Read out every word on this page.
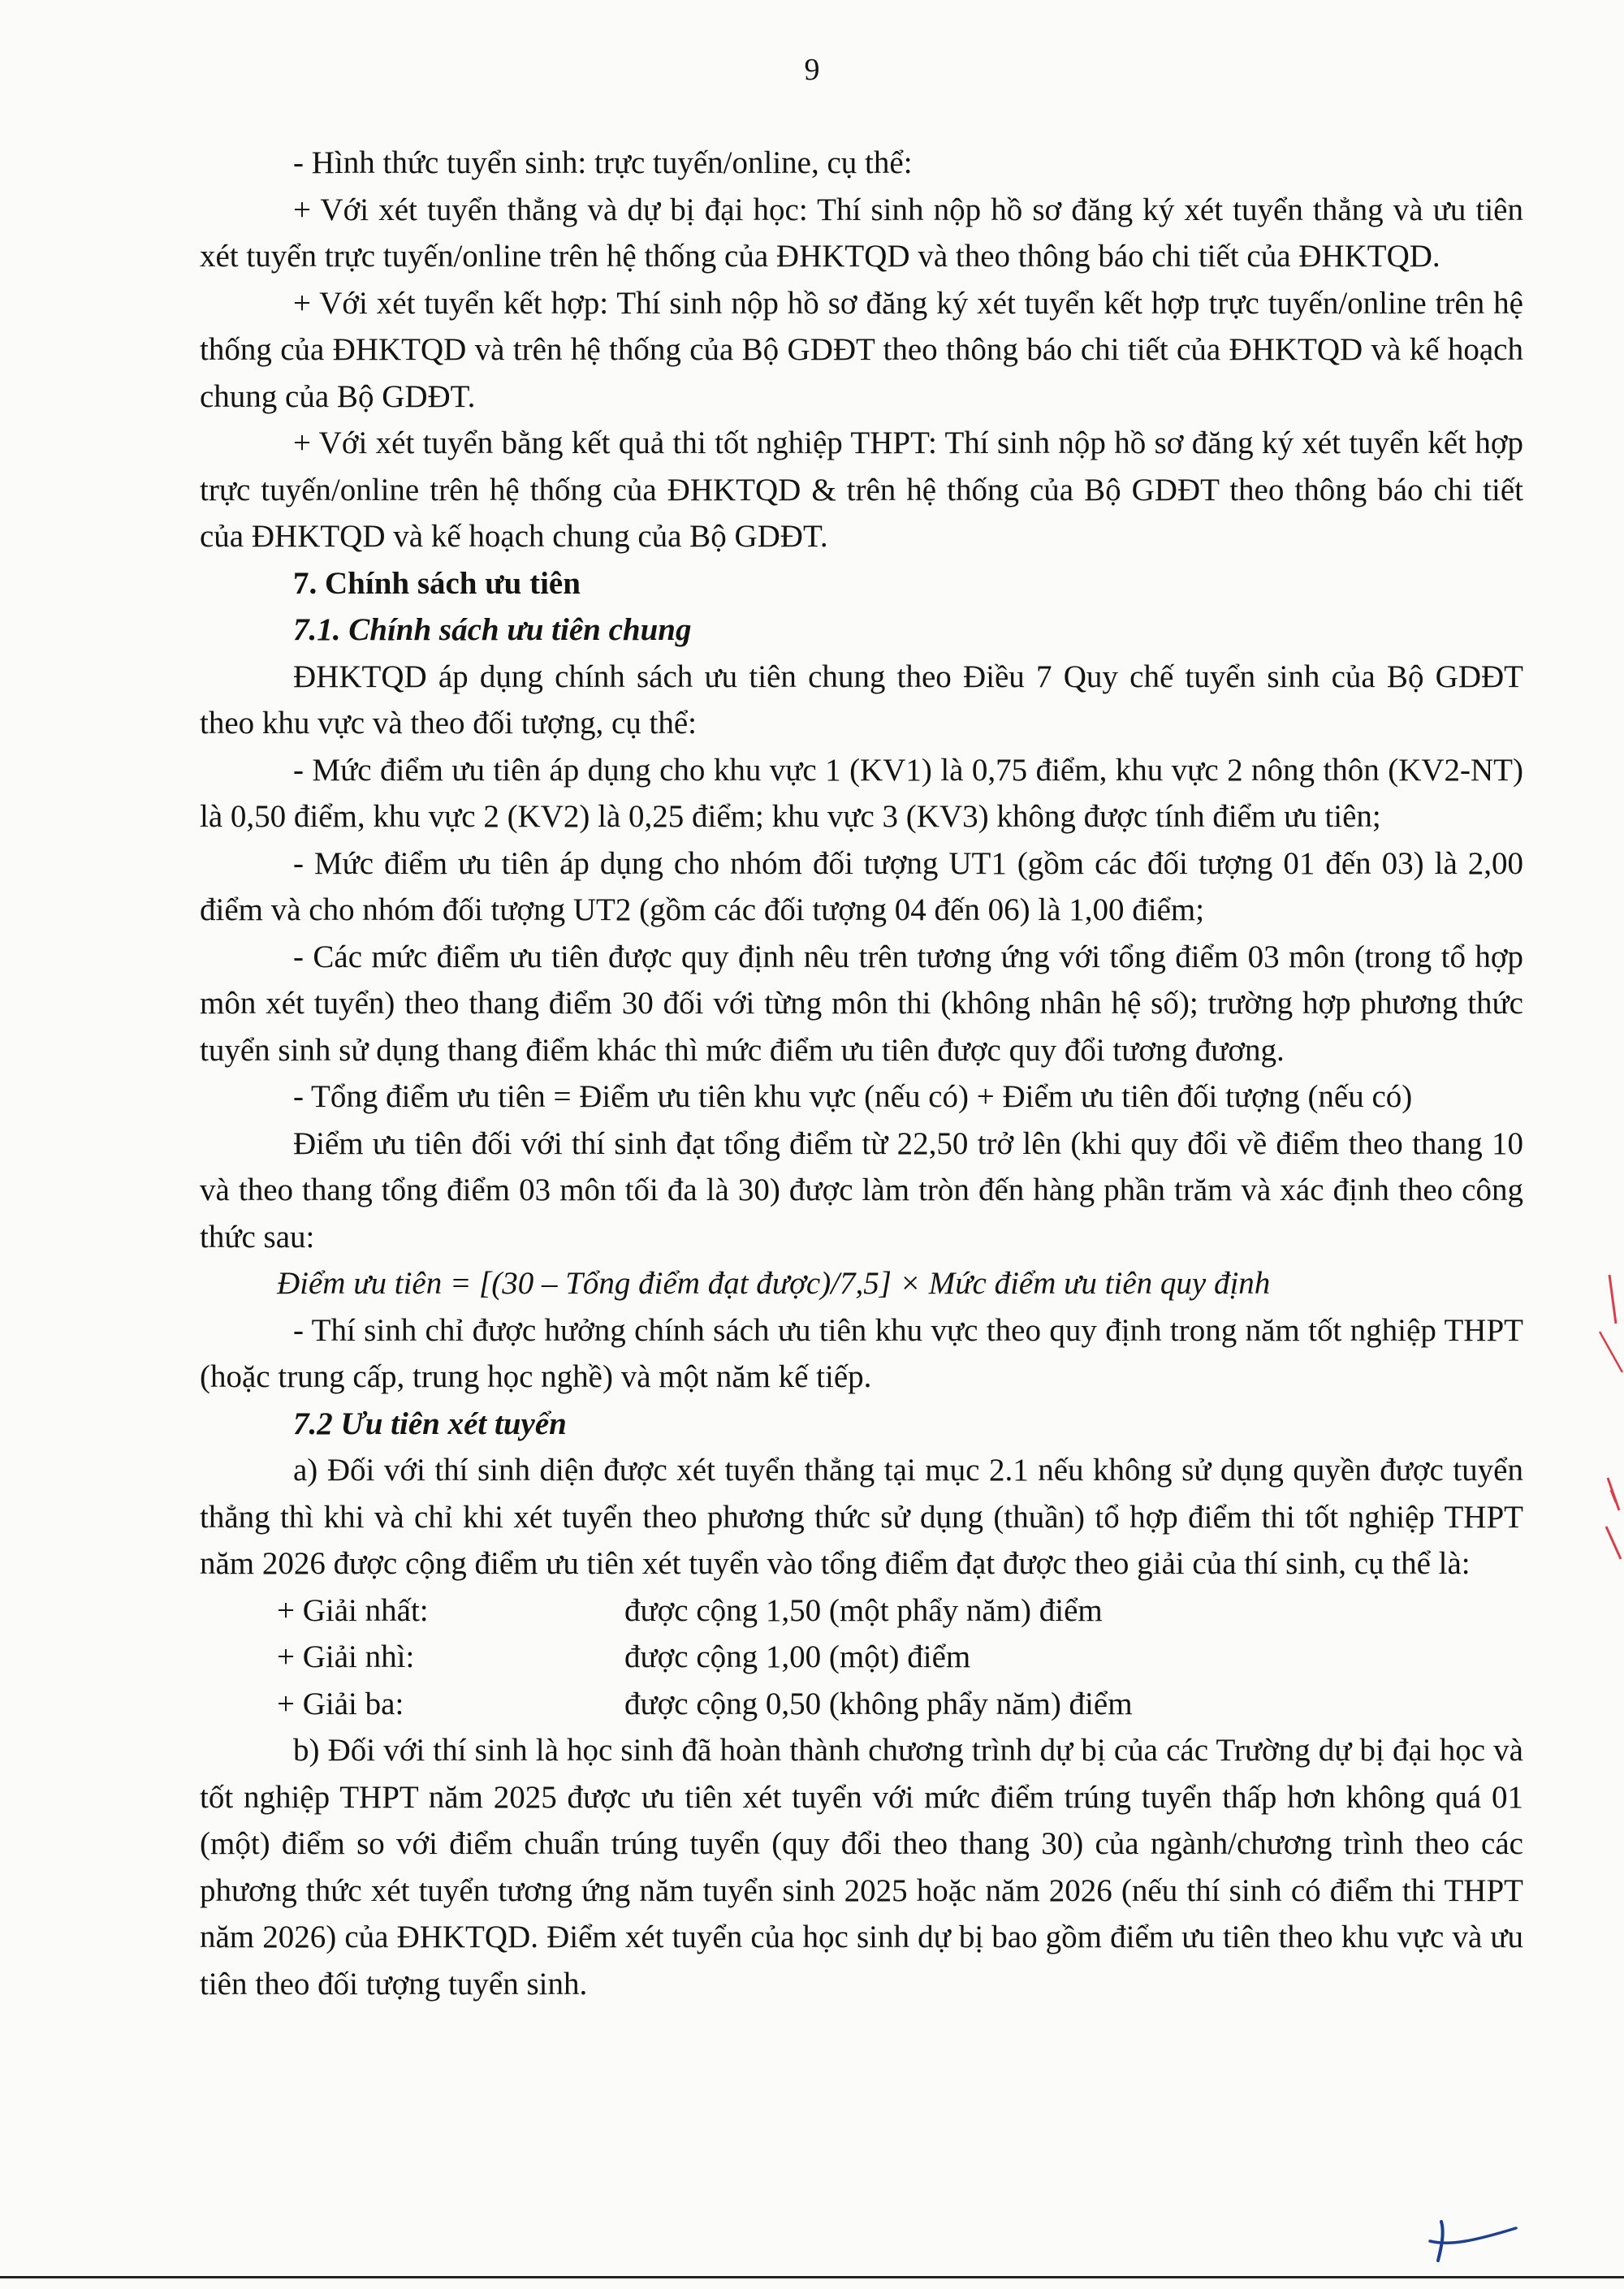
9

- Hình thức tuyển sinh: trực tuyến/online, cụ thể:

+ Với xét tuyển thẳng và dự bị đại học: Thí sinh nộp hồ sơ đăng ký xét tuyển thẳng và ưu tiên xét tuyển trực tuyến/online trên hệ thống của ĐHKTQD và theo thông báo chi tiết của ĐHKTQD.

+ Với xét tuyển kết hợp: Thí sinh nộp hồ sơ đăng ký xét tuyển kết hợp trực tuyến/online trên hệ thống của ĐHKTQD và trên hệ thống của Bộ GDĐT theo thông báo chi tiết của ĐHKTQD và kế hoạch chung của Bộ GDĐT.

+ Với xét tuyển bằng kết quả thi tốt nghiệp THPT: Thí sinh nộp hồ sơ đăng ký xét tuyển kết hợp trực tuyến/online trên hệ thống của ĐHKTQD & trên hệ thống của Bộ GDĐT theo thông báo chi tiết của ĐHKTQD và kế hoạch chung của Bộ GDĐT.

7. Chính sách ưu tiên

7.1. Chính sách ưu tiên chung

ĐHKTQD áp dụng chính sách ưu tiên chung theo Điều 7 Quy chế tuyển sinh của Bộ GDĐT theo khu vực và theo đối tượng, cụ thể:

- Mức điểm ưu tiên áp dụng cho khu vực 1 (KV1) là 0,75 điểm, khu vực 2 nông thôn (KV2-NT) là 0,50 điểm, khu vực 2 (KV2) là 0,25 điểm; khu vực 3 (KV3) không được tính điểm ưu tiên;

- Mức điểm ưu tiên áp dụng cho nhóm đối tượng UT1 (gồm các đối tượng 01 đến 03) là 2,00 điểm và cho nhóm đối tượng UT2 (gồm các đối tượng 04 đến 06) là 1,00 điểm;

- Các mức điểm ưu tiên được quy định nêu trên tương ứng với tổng điểm 03 môn (trong tổ hợp môn xét tuyển) theo thang điểm 30 đối với từng môn thi (không nhân hệ số); trường hợp phương thức tuyển sinh sử dụng thang điểm khác thì mức điểm ưu tiên được quy đổi tương đương.

- Tổng điểm ưu tiên = Điểm ưu tiên khu vực (nếu có) + Điểm ưu tiên đối tượng (nếu có)

Điểm ưu tiên đối với thí sinh đạt tổng điểm từ 22,50 trở lên (khi quy đổi về điểm theo thang 10 và theo thang tổng điểm 03 môn tối đa là 30) được làm tròn đến hàng phần trăm và xác định theo công thức sau:

Điểm ưu tiên = [(30 – Tổng điểm đạt được)/7,5] × Mức điểm ưu tiên quy định

- Thí sinh chỉ được hưởng chính sách ưu tiên khu vực theo quy định trong năm tốt nghiệp THPT (hoặc trung cấp, trung học nghề) và một năm kế tiếp.

7.2 Ưu tiên xét tuyển

a) Đối với thí sinh diện được xét tuyển thẳng tại mục 2.1 nếu không sử dụng quyền được tuyển thẳng thì khi và chỉ khi xét tuyển theo phương thức sử dụng (thuần) tổ hợp điểm thi tốt nghiệp THPT năm 2026 được cộng điểm ưu tiên xét tuyển vào tổng điểm đạt được theo giải của thí sinh, cụ thể là:

+ Giải nhất:	được cộng 1,50 (một phẩy năm) điểm

+ Giải nhì:	được cộng 1,00 (một) điểm

+ Giải ba:	được cộng 0,50 (không phẩy năm) điểm

b) Đối với thí sinh là học sinh đã hoàn thành chương trình dự bị của các Trường dự bị đại học và tốt nghiệp THPT năm 2025 được ưu tiên xét tuyển với mức điểm trúng tuyển thấp hơn không quá 01 (một) điểm so với điểm chuẩn trúng tuyển (quy đổi theo thang 30) của ngành/chương trình theo các phương thức xét tuyển tương ứng năm tuyển sinh 2025 hoặc năm 2026 (nếu thí sinh có điểm thi THPT năm 2026) của ĐHKTQD. Điểm xét tuyển của học sinh dự bị bao gồm điểm ưu tiên theo khu vực và ưu tiên theo đối tượng tuyển sinh.
